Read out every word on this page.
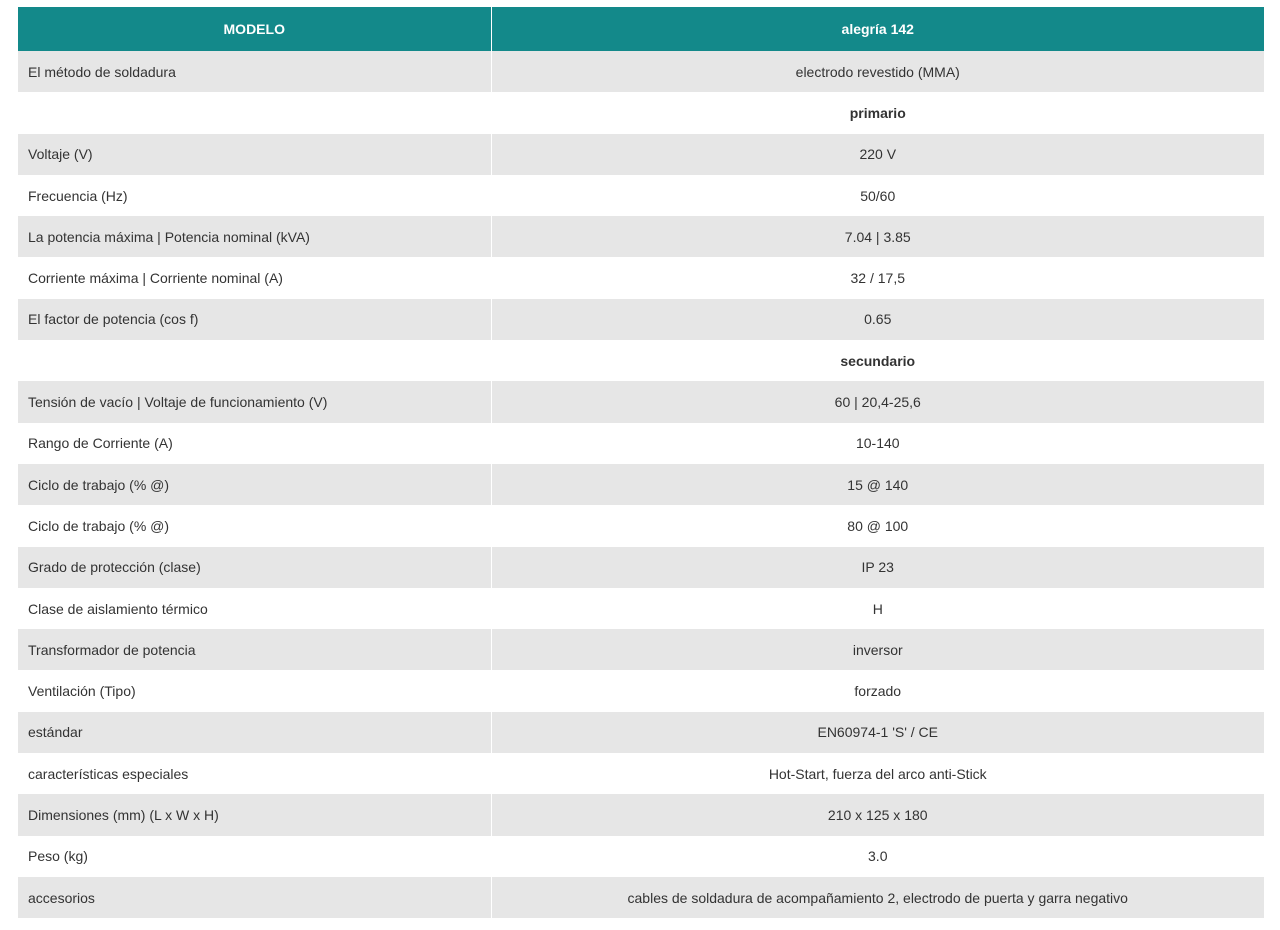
MODELO	alegría 142
El método de soldadura	electrodo revestido (MMA)
	primario
Voltaje (V)	220 V
Frecuencia (Hz)	50/60
La potencia máxima | Potencia nominal (kVA)	7.04 | 3.85
Corriente máxima | Corriente nominal (A)	32 / 17,5
El factor de potencia (cos f)	0.65
	secundario
Tensión de vacío | Voltaje de funcionamiento (V)	60 | 20,4-25,6
Rango de Corriente (A)	10-140
Ciclo de trabajo (% @)	15 @ 140
Ciclo de trabajo (% @)	80 @ 100
Grado de protección (clase)	IP 23
Clase de aislamiento térmico	H
Transformador de potencia	inversor
Ventilación (Tipo)	forzado
estándar	EN60974-1 'S' / CE
características especiales	Hot-Start, fuerza del arco anti-Stick
Dimensiones (mm) (L x W x H)	210 x 125 x 180
Peso (kg)	3.0
accesorios	cables de soldadura de acompañamiento 2, electrodo de puerta y garra negativo
